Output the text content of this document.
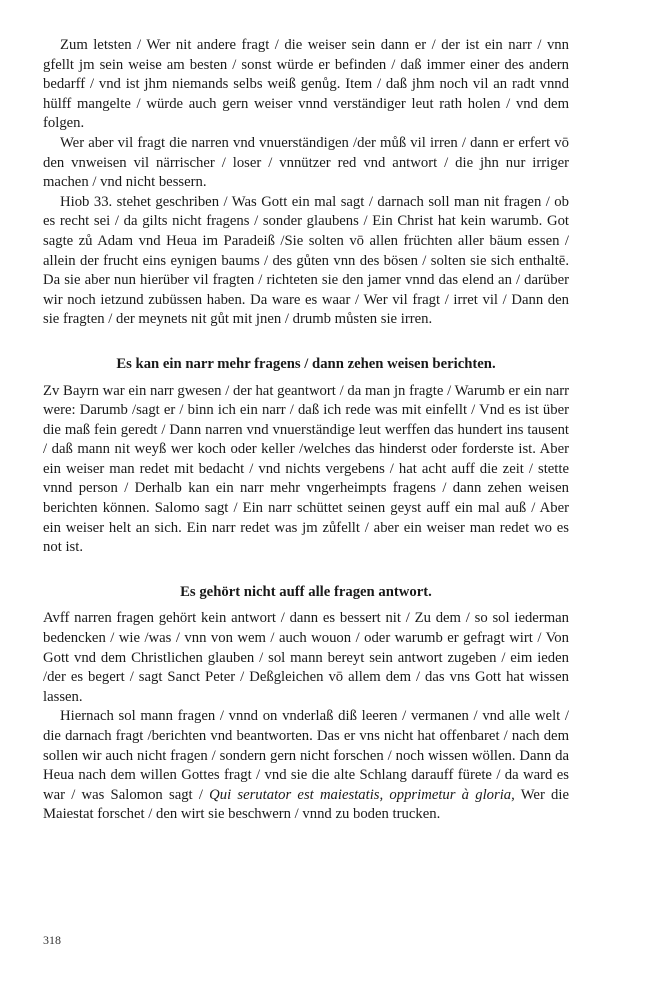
Zum letsten / Wer nit andere fragt / die weiser sein dann er / der ist ein narr / vnn gfellt jm sein weise am besten / sonst würde er befinden / daß immer einer des andern bedarff / vnd ist jhm niemands selbs weiß genůg. Item / daß jhm noch vil an radt vnnd hülff mangelte / würde auch gern weiser vnnd verständiger leut rath holen / vnd dem folgen.

Wer aber vil fragt die narren vnd vnuerständigen /der můß vil irren / dann er erfert vō den vnweisen vil närrischer / loser / vnnützer red vnd antwort / die jhn nur irriger machen / vnd nicht bessern.

Hiob 33. stehet geschriben / Was Gott ein mal sagt / darnach soll man nit fragen / ob es recht sei / da gilts nicht fragens / sonder glaubens / Ein Christ hat kein warumb. Got sagte zů Adam vnd Heua im Paradeiß /Sie solten vō allen früchten aller bäum essen / allein der frucht eins eynigen baums / des gůten vnn des bösen / solten sie sich enthaltē. Da sie aber nun hierüber vil fragten / richteten sie den jamer vnnd das elend an / darüber wir noch ietzund zubüssen haben. Da ware es waar / Wer vil fragt / irret vil / Dann den sie fragten / der meynets nit gůt mit jnen / drumb můsten sie irren.

Es kan ein narr mehr fragens / dann zehen weisen berichten.

Zv Bayrn war ein narr gwesen / der hat geantwort / da man jn fragte / Warumb er ein narr were: Darumb /sagt er / binn ich ein narr / daß ich rede was mit einfellt / Vnd es ist über die maß fein geredt / Dann narren vnd vnuerständige leut werffen das hundert ins tausent / daß mann nit weyß wer koch oder keller /welches das hinderst oder forderste ist. Aber ein weiser man redet mit bedacht / vnd nichts vergebens / hat acht auff die zeit / stette vnnd person / Derhalb kan ein narr mehr vngerheimpts fragens / dann zehen weisen berichten können. Salomo sagt / Ein narr schüttet seinen geyst auff ein mal auß / Aber ein weiser helt an sich. Ein narr redet was jm zůfellt / aber ein weiser man redet wo es not ist.

Es gehört nicht auff alle fragen antwort.

Avff narren fragen gehört kein antwort / dann es bessert nit / Zu dem / so sol iederman bedencken / wie /was / vnn von wem / auch wouon / oder warumb er gefragt wirt / Von Gott vnd dem Christlichen glauben / sol mann bereyt sein antwort zugeben / eim ieden /der es begert / sagt Sanct Peter / Deßgleichen vō allem dem / das vns Gott hat wissen lassen.

Hiernach sol mann fragen / vnnd on vnderlaß diß leeren / vermanen / vnd alle welt / die darnach fragt /berichten vnd beantworten. Das er vns nicht hat offenbaret / nach dem sollen wir auch nicht fragen / sondern gern nicht forschen / noch wissen wöllen. Dann da Heua nach dem willen Gottes fragt / vnd sie die alte Schlang darauff fürete / da ward es war / was Salomon sagt / Qui serutator est maiestatis, opprimetur à gloria, Wer die Maiestat forschet / den wirt sie beschwern / vnnd zu boden trucken.

318
